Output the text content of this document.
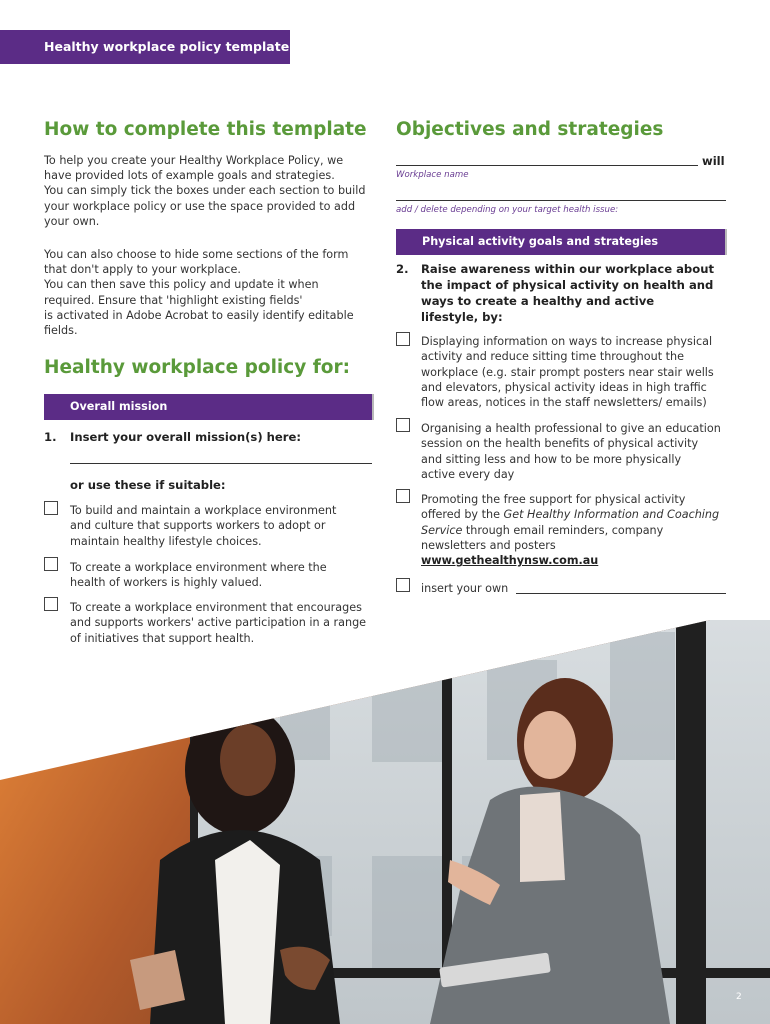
Healthy workplace policy template
How to complete this template
To help you create your Healthy Workplace Policy, we
have provided lots of example goals and strategies.
You can simply tick the boxes under each section to build
your workplace policy or use the space provided to add
your own.
You can also choose to hide some sections of the form
that don't apply to your workplace.
You can then save this policy and update it when
required. Ensure that 'highlight existing fields'
is activated in Adobe Acrobat to easily identify editable
fields.
Healthy workplace policy for:
Overall mission
1. Insert your overall mission(s) here:
or use these if suitable:
To build and maintain a workplace environment
and culture that supports workers to adopt or
maintain healthy lifestyle choices.
To create a workplace environment where the
health of workers is highly valued.
To create a workplace environment that encourages
and supports workers' active participation in a range
of initiatives that support health.
Objectives and strategies
will
Workplace name
add / delete depending on your target health issue:
Physical activity goals and strategies
2. Raise awareness within our workplace about
the impact of physical activity on health and
ways to create a healthy and active
lifestyle, by:
Displaying information on ways to increase physical
activity and reduce sitting time throughout the
workplace (e.g. stair prompt posters near stair wells
and elevators, physical activity ideas in high traffic
flow areas, notices in the staff newsletters/ emails)
Organising a health professional to give an education
session on the health benefits of physical activity
and sitting less and how to be more physically
active every day
Promoting the free support for physical activity
offered by the Get Healthy Information and Coaching
Service through email reminders, company
newsletters and posters
www.gethealthynsw.com.au
insert your own
2
